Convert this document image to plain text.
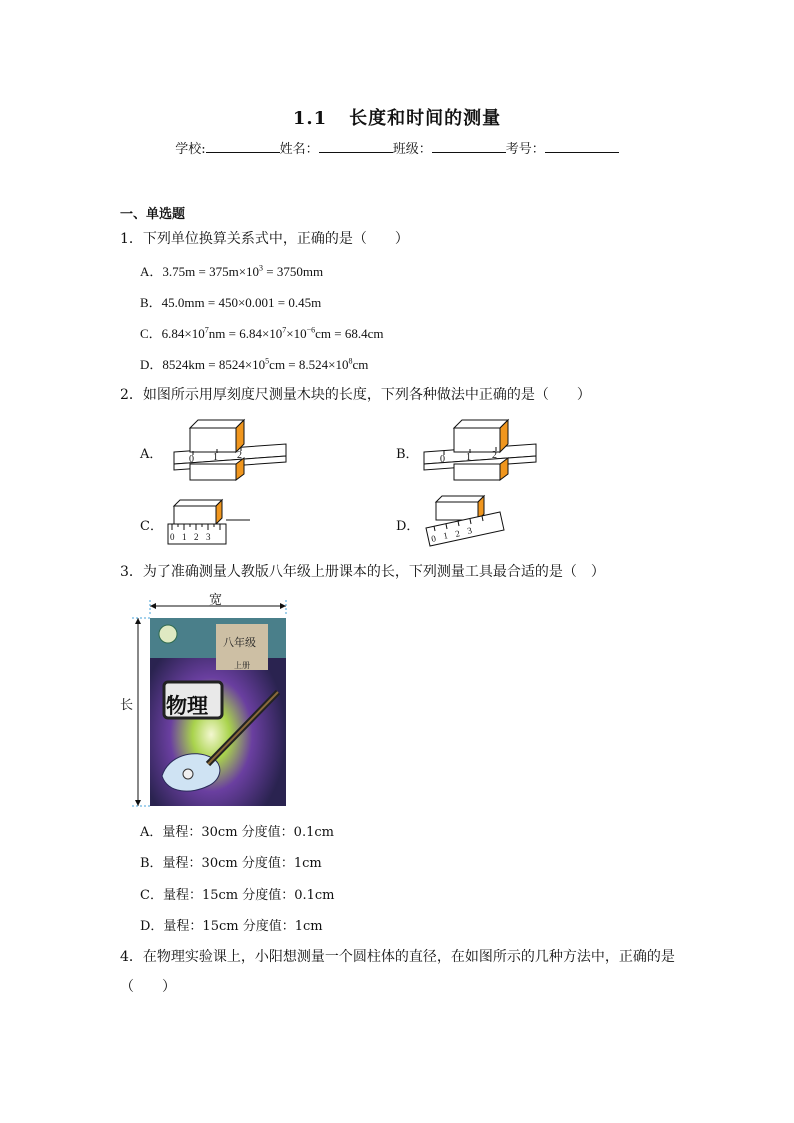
1.1 长度和时间的测量
学校:	姓名：	班级：	考号：
一、单选题
1．下列单位换算关系式中，正确的是（　　）
A．$3.75m = 375m\times 10^3 = 3750mm$
B．45.0mm = 450×0.001 = 0.45m
C．$6.84\times 10^7nm = 6.84\times 10^7\times 10^{-6}cm = 68.4cm$
D．$8524km = 8524\times 10^5cm = 8.524\times 10^8cm$
2．如图所示用厚刻度尺测量木块的长度，下列各种做法中正确的是（　　）
A．	B．
C．	D．
0 1 2	0 1 2
0 1 2 3	0 1 2 3
3．为了准确测量人教版八年级上册课本的长，下列测量工具最合适的是（　）
宽
长
八年级
上册
物理
A．量程：30cm 分度值：0.1cm
B．量程：30cm 分度值：1cm
C．量程：15cm 分度值：0.1cm
D．量程：15cm 分度值：1cm
4．在物理实验课上，小阳想测量一个圆柱体的直径，在如图所示的几种方法中，正确的是
（　　）
